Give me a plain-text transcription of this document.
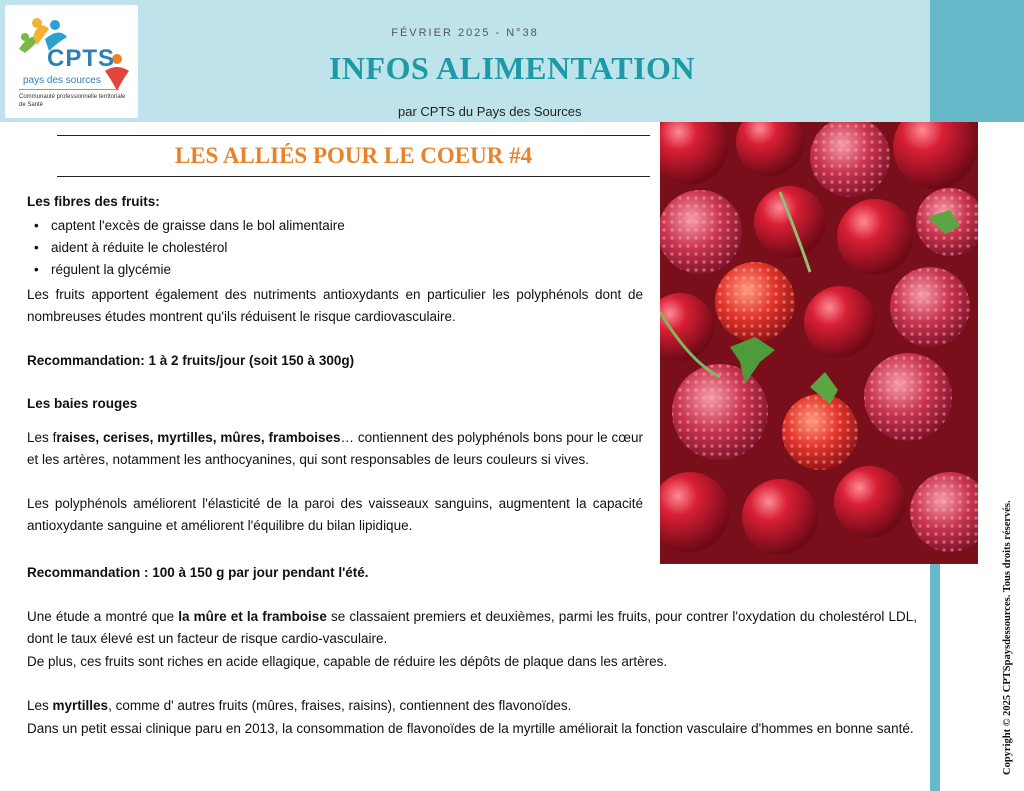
CPTS
pays des sources
Communauté professionnelle territoriale de Santé
FÉVRIER 2025 - N°38
INFOS ALIMENTATION
par CPTS du Pays des Sources
LES ALLIÉS POUR LE COEUR #4
Les fibres des fruits:
• captent l'excès de graisse dans le bol alimentaire
• aident à réduite le cholestérol
• régulent la glycémie
Les fruits apportent également des nutriments antioxydants en particulier les polyphénols dont de nombreuses études montrent qu'ils réduisent le risque cardiovasculaire.
Recommandation: 1 à 2 fruits/jour (soit 150 à 300g)
Les baies rouges
Les fraises, cerises, myrtilles, mûres, framboises… contiennent des polyphénols bons pour le cœur et les artères, notamment les anthocyanines, qui sont responsables de leurs couleurs si vives.
Les polyphénols améliorent l'élasticité de la paroi des vaisseaux sanguins, augmentent la capacité antioxydante sanguine et améliorent l'équilibre du bilan lipidique.
Recommandation : 100 à 150 g par jour pendant l'été.
Une étude a montré que la mûre et la framboise se classaient premiers et deuxièmes, parmi les fruits, pour contrer l'oxydation du cholestérol LDL, dont le taux élevé est un facteur de risque cardio-vasculaire.
De plus, ces fruits sont riches en acide ellagique, capable de réduire les dépôts de plaque dans les artères.
Les myrtilles, comme d' autres fruits (mûres, fraises, raisins), contiennent des flavonoïdes.
Dans un petit essai clinique paru en 2013, la consommation de flavonoïdes de la myrtille améliorait la fonction vasculaire d'hommes en bonne santé.	Copyright © 2025 CPTSpaysdessources. Tous droits réservés.
